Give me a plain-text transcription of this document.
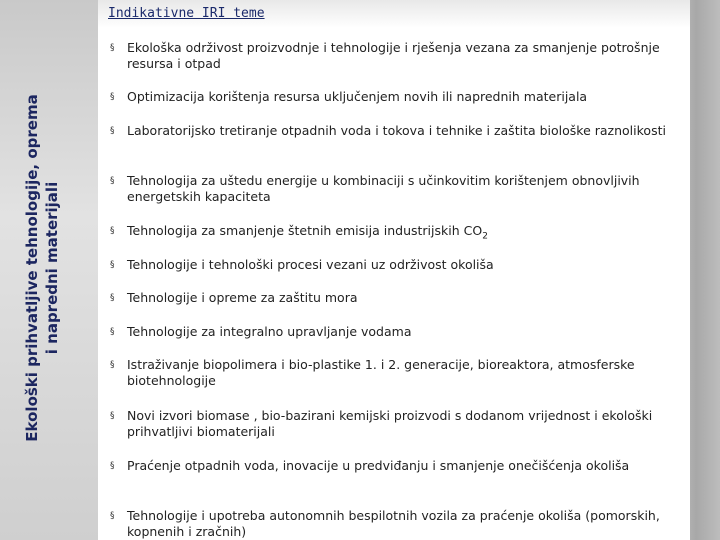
Indikativne IRI teme
Ekološki prihvatljive tehnologije, oprema i napredni materijali
§ Ekološka održivost proizvodnje i tehnologije i rješenja vezana za smanjenje potrošnje resursa i otpad
§ Optimizacija korištenja resursa uključenjem novih ili naprednih materijala
§ Laboratorijsko tretiranje otpadnih voda i tokova i tehnike i zaštita biološke raznolikosti
§ Tehnologija za uštedu energije u kombinaciji s učinkovitim korištenjem obnovljivih energetskih kapaciteta
§ Tehnologija za smanjenje štetnih emisija industrijskih $CO_2$
§ Tehnologije i tehnološki procesi vezani uz održivost okoliša
§ Tehnologije i opreme za zaštitu mora
§ Tehnologije za integralno upravljanje vodama
§ Istraživanje biopolimera i bio-plastike 1. i 2. generacije, bioreaktora, atmosferske biotehnologije
§ Novi izvori biomase , bio-bazirani kemijski proizvodi s dodanom vrijednost i ekološki prihvatljivi biomaterijali
§ Praćenje otpadnih voda, inovacije u predviđanju i smanjenje onečišćenja okoliša
§ Tehnologije i upotreba autonomnih bespilotnih vozila za praćenje okoliša (pomorskih, kopnenih i zračnih)
